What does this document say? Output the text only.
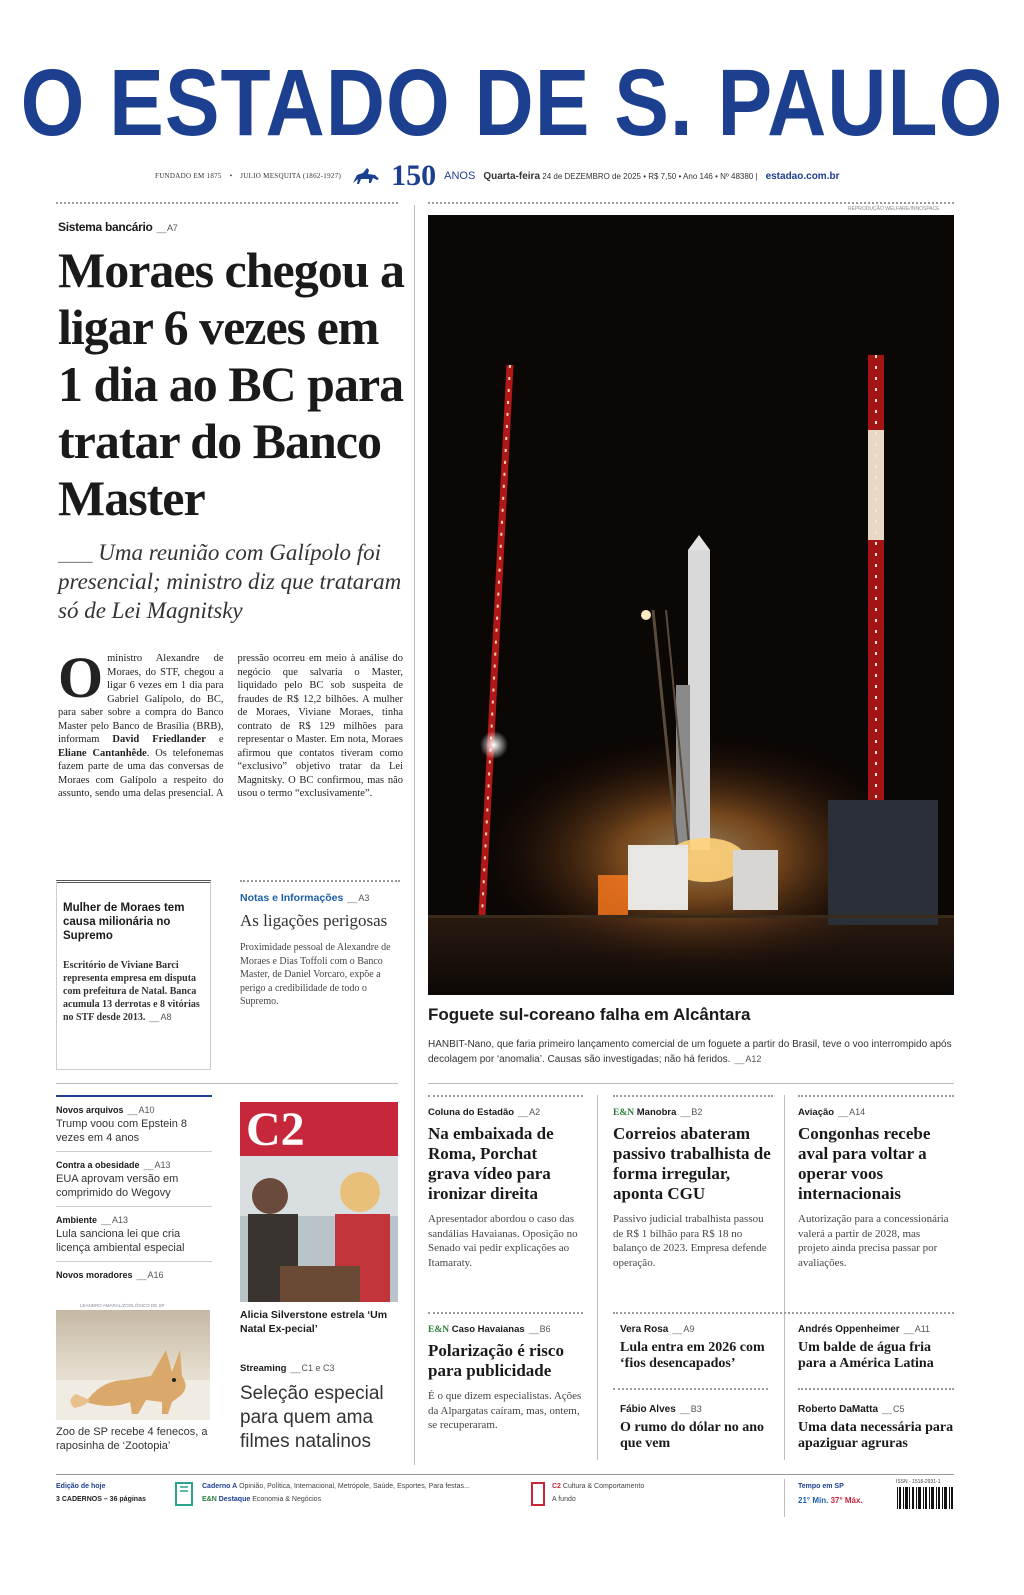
O ESTADO DE S. PAULO
FUNDADO EM 1875 • JULIO MESQUITA (1862-1927) 150 ANOS Quarta-feira 24 de DEZEMBRO de 2025 • R$ 7,50 • Ano 146 • Nº 48380 | estadao.com.br
Sistema bancário __ A7
Moraes chegou a ligar 6 vezes em 1 dia ao BC para tratar do Banco Master
___ Uma reunião com Galípolo foi presencial; ministro diz que trataram só de Lei Magnitsky
O ministro Alexandre de Moraes, do STF, chegou a ligar 6 vezes em 1 dia para Gabriel Galípolo, do BC, para saber sobre a compra do Banco Master pelo Banco de Brasília (BRB), informam David Friedlander e Eliane Cantanhêde. Os telefonemas fazem parte de uma das conversas de Moraes com Galípolo a respeito do assunto, sendo uma delas presencial. A pressão ocorreu em meio à análise do negócio que salvaria o Master, liquidado pelo BC sob suspeita de fraudes de R$ 12,2 bilhões. A mulher de Moraes, Viviane Moraes, tinha contrato de R$ 129 milhões para representar o Master. Em nota, Moraes afirmou que contatos tiveram como “exclusivo” objetivo tratar da Lei Magnitsky. O BC confirmou, mas não usou o termo “exclusivamente”.
Mulher de Moraes tem causa milionária no Supremo
Escritório de Viviane Barci representa empresa em disputa com prefeitura de Natal. Banca acumula 13 derrotas e 8 vitórias no STF desde 2013. __ A8
Notas e Informações __ A3
As ligações perigosas
Proximidade pessoal de Alexandre de Moraes e Dias Toffoli com o Banco Master, de Daniel Vorcaro, expõe a perigo a credibilidade de todo o Supremo.
REPRODUÇÃO WELFARE/INNOSPACE
Foguete sul-coreano falha em Alcântara
HANBIT-Nano, que faria primeiro lançamento comercial de um foguete a partir do Brasil, teve o voo interrompido após decolagem por ‘anomalia’. Causas são investigadas; não há feridos. __ A12
Novos arquivos __ A10
Trump voou com Epstein 8 vezes em 4 anos
Contra a obesidade __ A13
EUA aprovam versão em comprimido do Wegovy
Ambiente __ A13
Lula sanciona lei que cria licença ambiental especial
Novos moradores __ A16
LEANDRO AMARAL/ZOOLÓGICO DE SP
Zoo de SP recebe 4 fenecos, a raposinha de ‘Zootopia’
C2
Alicia Silverstone estrela ‘Um Natal Ex-pecial’
Streaming __ C1 e C3
Seleção especial para quem ama filmes natalinos
Coluna do Estadão __ A2
Na embaixada de Roma, Porchat grava vídeo para ironizar direita
Apresentador abordou o caso das sandálias Havaianas. Oposição no Senado vai pedir explicações ao Itamaraty.
E&N Manobra __ B2
Correios abateram passivo trabalhista de forma irregular, aponta CGU
Passivo judicial trabalhista passou de R$ 1 bilhão para R$ 18 no balanço de 2023. Empresa defende operação.
Aviação __ A14
Congonhas recebe aval para voltar a operar voos internacionais
Autorização para a concessionária valerá a partir de 2028, mas projeto ainda precisa passar por avaliações.
E&N Caso Havaianas __ B6
Polarização é risco para publicidade
É o que dizem especialistas. Ações da Alpargatas caíram, mas, ontem, se recuperaram.
Vera Rosa __ A9
Lula entra em 2026 com ‘fios desencapados’
Andrés Oppenheimer __ A11
Um balde de água fria para a América Latina
Fábio Alves __ B3
O rumo do dólar no ano que vem
Roberto DaMatta __ C5
Uma data necessária para apaziguar agruras
Edição de hoje
3 CADERNOS – 36 páginas
Caderno A Opinião, Política, Internacional, Metrópole, Saúde, Esportes, Para festas...
E&N Destaque Economia & Negócios
C2 Cultura & Comportamento
A fundo
Tempo em SP
21° Mín. 37° Máx.
ISSN - 1516-2931-1
